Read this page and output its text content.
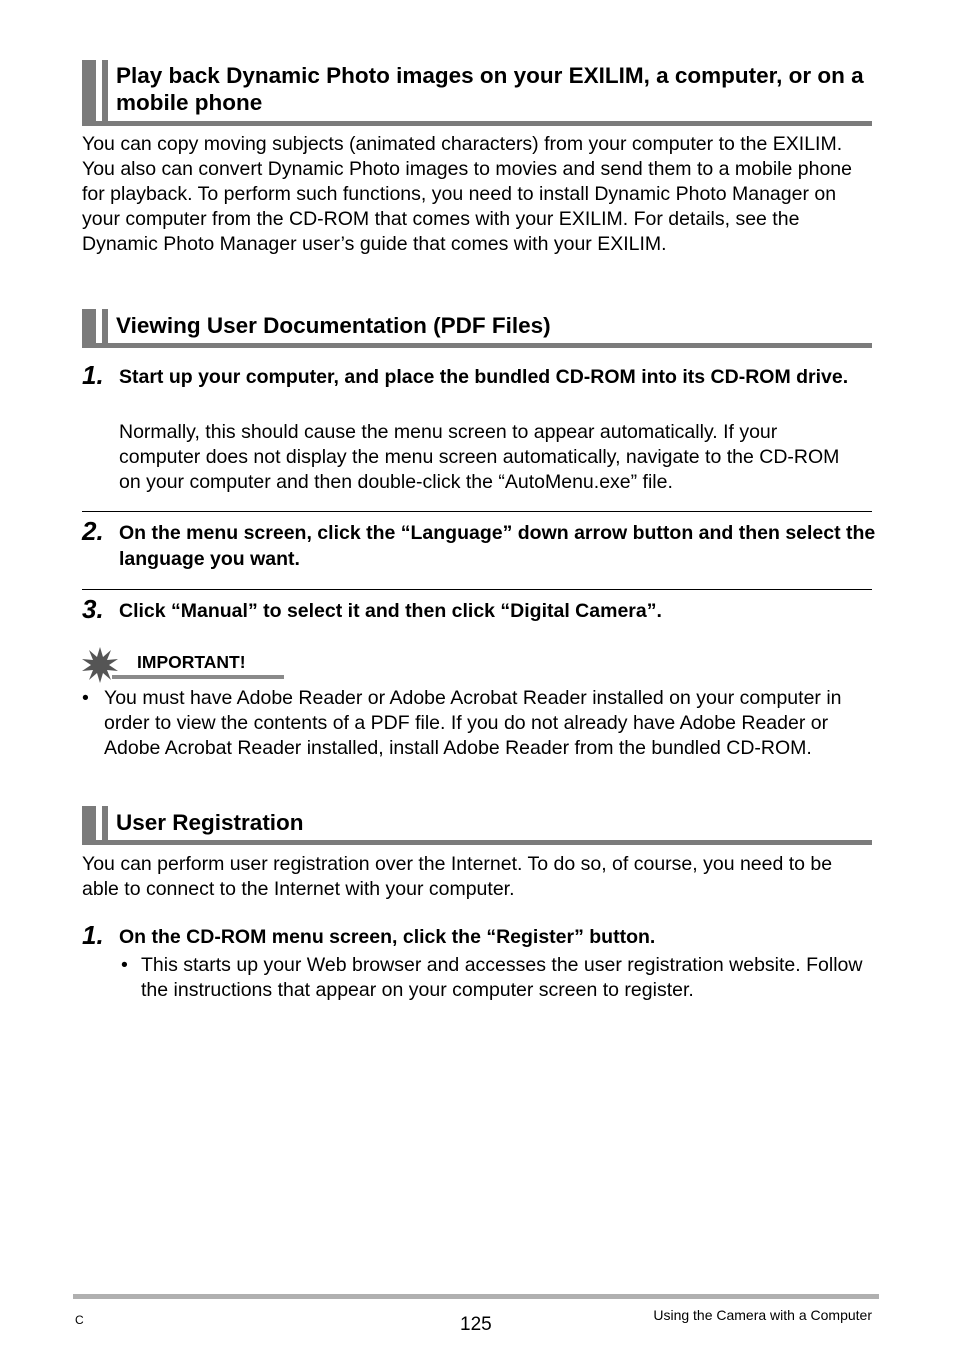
Play back Dynamic Photo images on your EXILIM, a computer, or on a mobile phone
You can copy moving subjects (animated characters) from your computer to the EXILIM. You also can convert Dynamic Photo images to movies and send them to a mobile phone for playback. To perform such functions, you need to install Dynamic Photo Manager on your computer from the CD-ROM that comes with your EXILIM. For details, see the Dynamic Photo Manager user’s guide that comes with your EXILIM.
Viewing User Documentation (PDF Files)
1. Start up your computer, and place the bundled CD-ROM into its CD-ROM drive.
Normally, this should cause the menu screen to appear automatically. If your computer does not display the menu screen automatically, navigate to the CD-ROM on your computer and then double-click the “AutoMenu.exe” file.
2. On the menu screen, click the “Language” down arrow button and then select the language you want.
3. Click “Manual” to select it and then click “Digital Camera”.
IMPORTANT!
• You must have Adobe Reader or Adobe Acrobat Reader installed on your computer in order to view the contents of a PDF file. If you do not already have Adobe Reader or Adobe Acrobat Reader installed, install Adobe Reader from the bundled CD-ROM.
User Registration
You can perform user registration over the Internet. To do so, of course, you need to be able to connect to the Internet with your computer.
1. On the CD-ROM menu screen, click the “Register” button.
• This starts up your Web browser and accesses the user registration website. Follow the instructions that appear on your computer screen to register.
C	125	Using the Camera with a Computer
